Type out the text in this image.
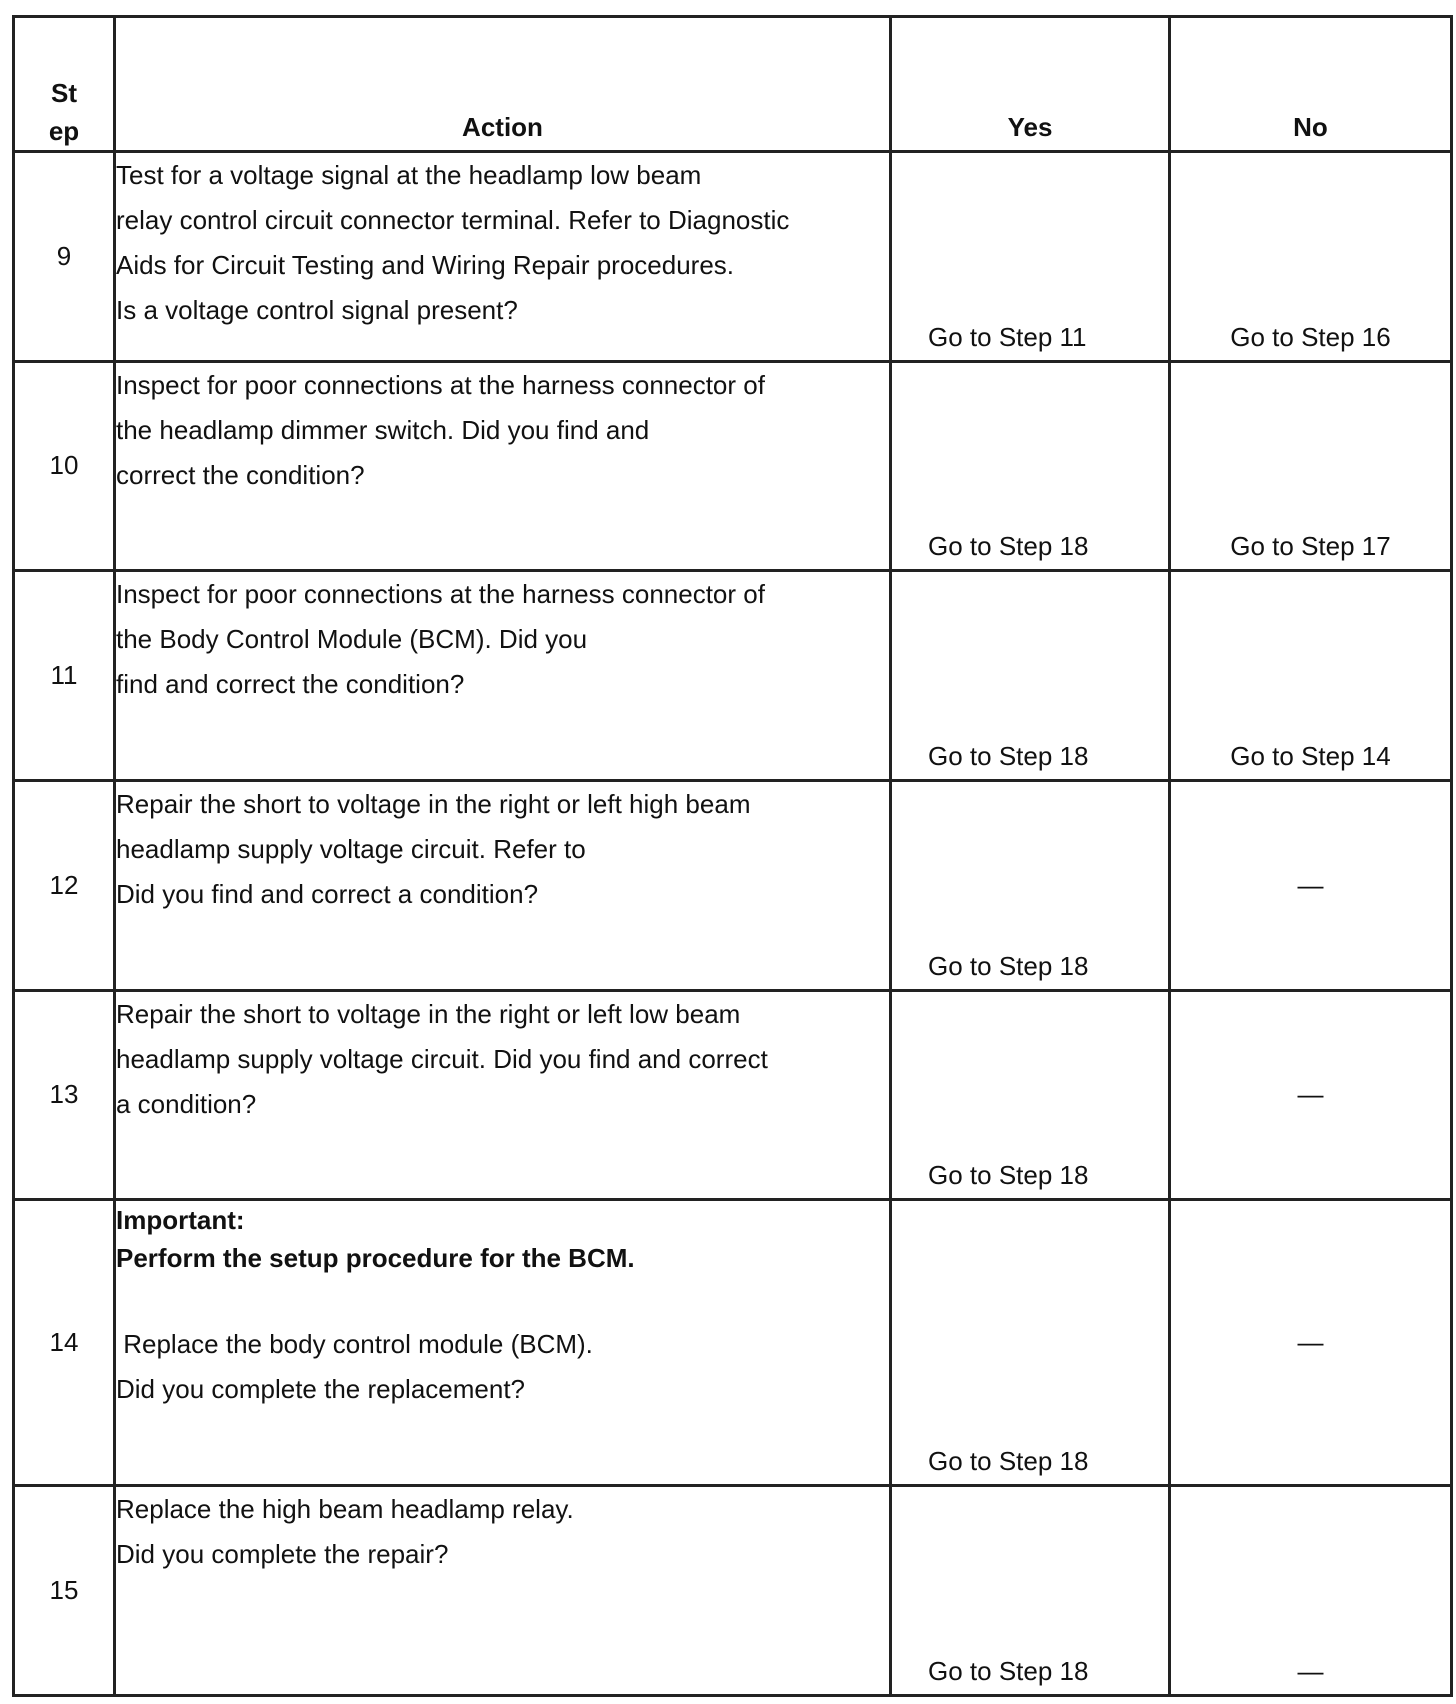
St
ep	Action	Yes	No
9	Test for a voltage signal at the headlamp low beam
relay control circuit connector terminal. Refer to Diagnostic
Aids for Circuit Testing and Wiring Repair procedures.
Is a voltage control signal present?	Go to Step 11	Go to Step 16

10	Inspect for poor connections at the harness connector of
the headlamp dimmer switch. Did you find and
correct the condition?	Go to Step 18	Go to Step 17

11	Inspect for poor connections at the harness connector of
the Body Control Module (BCM). Did you
find and correct the condition?	Go to Step 18	Go to Step 14

12	Repair the short to voltage in the right or left high beam
headlamp supply voltage circuit. Refer to
Did you find and correct a condition?	Go to Step 18	—

13	Repair the short to voltage in the right or left low beam
headlamp supply voltage circuit. Did you find and correct
a condition?	Go to Step 18	—

14	Important:
Perform the setup procedure for the BCM.
Replace the body control module (BCM).
Did you complete the replacement?	Go to Step 18	—

15	Replace the high beam headlamp relay.
Did you complete the repair?	Go to Step 18	—
